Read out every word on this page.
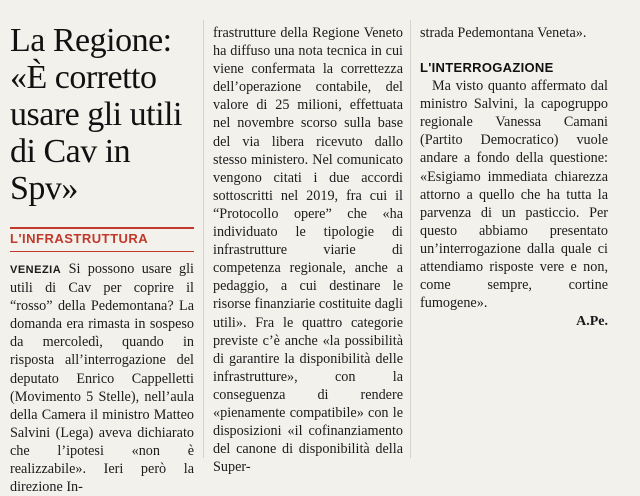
La Regione: «È corretto usare gli utili di Cav in Spv»
L'INFRASTRUTTURA

VENEZIA Si possono usare gli utili di Cav per coprire il “rosso” della Pedemontana? La domanda era rimasta in sospeso da mercoledì, quando in risposta all’interrogazione del deputato Enrico Cappelletti (Movimento 5 Stelle), nell’aula della Camera il ministro Matteo Salvini (Lega) aveva dichiarato che l’ipotesi «non è realizzabile». Ieri però la direzione In-

frastrutture della Regione Veneto ha diffuso una nota tecnica in cui viene confermata la correttezza dell’operazione contabile, del valore di 25 milioni, effettuata nel novembre scorso sulla base del via libera ricevuto dallo stesso ministero. Nel comunicato vengono citati i due accordi sottoscritti nel 2019, fra cui il “Protocollo opere” che «ha individuato le tipologie di infrastrutture viarie di competenza regionale, anche a pedaggio, a cui destinare le risorse finanziarie costituite dagli utili». Fra le quattro categorie previste c’è anche «la possibilità di garantire la disponibilità delle infrastrutture», con la conseguenza di rendere «pienamente compatibile» con le disposizioni «il cofinanziamento del canone di disponibilità della Super-

strada Pedemontana Veneta».

L'INTERROGAZIONE

Ma visto quanto affermato dal ministro Salvini, la capogruppo regionale Vanessa Camani (Partito Democratico) vuole andare a fondo della questione: «Esigiamo immediata chiarezza attorno a quello che ha tutta la parvenza di un pasticcio. Per questo abbiamo presentato un’interrogazione dalla quale ci attendiamo risposte vere e non, come sempre, cortine fumogene».

A.Pe.
